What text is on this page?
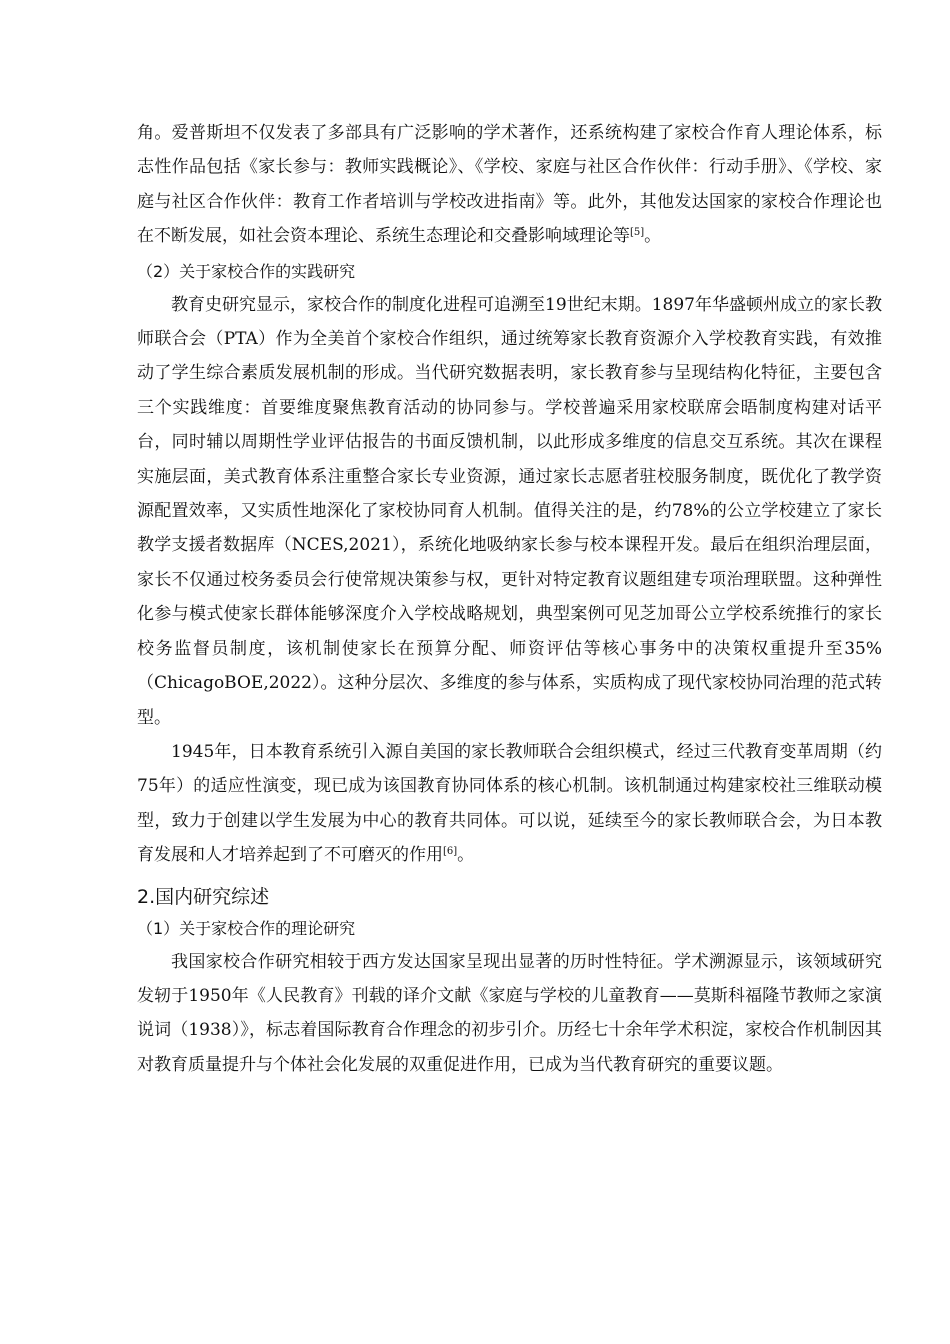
角。爱普斯坦不仅发表了多部具有广泛影响的学术著作，还系统构建了家校合作育人理论体系，标志性作品包括《家长参与：教师实践概论》、《学校、家庭与社区合作伙伴：行动手册》、《学校、家庭与社区合作伙伴：教育工作者培训与学校改进指南》等。此外，其他发达国家的家校合作理论也在不断发展，如社会资本理论、系统生态理论和交叠影响域理论等[5]。

（2）关于家校合作的实践研究

教育史研究显示，家校合作的制度化进程可追溯至19世纪末期。1897年华盛顿州成立的家长教师联合会（PTA）作为全美首个家校合作组织，通过统筹家长教育资源介入学校教育实践，有效推动了学生综合素质发展机制的形成。当代研究数据表明，家长教育参与呈现结构化特征，主要包含三个实践维度：首要维度聚焦教育活动的协同参与。学校普遍采用家校联席会晤制度构建对话平台，同时辅以周期性学业评估报告的书面反馈机制，以此形成多维度的信息交互系统。其次在课程实施层面，美式教育体系注重整合家长专业资源，通过家长志愿者驻校服务制度，既优化了教学资源配置效率，又实质性地深化了家校协同育人机制。值得关注的是，约78%的公立学校建立了家长教学支援者数据库（NCES,2021），系统化地吸纳家长参与校本课程开发。最后在组织治理层面，家长不仅通过校务委员会行使常规决策参与权，更针对特定教育议题组建专项治理联盟。这种弹性化参与模式使家长群体能够深度介入学校战略规划，典型案例可见芝加哥公立学校系统推行的家长校务监督员制度，该机制使家长在预算分配、师资评估等核心事务中的决策权重提升至35%（ChicagoBOE,2022）。这种分层次、多维度的参与体系，实质构成了现代家校协同治理的范式转型。

1945年，日本教育系统引入源自美国的家长教师联合会组织模式，经过三代教育变革周期（约75年）的适应性演变，现已成为该国教育协同体系的核心机制。该机制通过构建家校社三维联动模型，致力于创建以学生发展为中心的教育共同体。可以说，延续至今的家长教师联合会，为日本教育发展和人才培养起到了不可磨灭的作用[6]。

2.国内研究综述
（1）关于家校合作的理论研究

我国家校合作研究相较于西方发达国家呈现出显著的历时性特征。学术溯源显示，该领域研究发轫于1950年《人民教育》刊载的译介文献《家庭与学校的儿童教育——莫斯科福隆节教师之家演说词（1938）》，标志着国际教育合作理念的初步引介。历经七十余年学术积淀，家校合作机制因其对教育质量提升与个体社会化发展的双重促进作用，已成为当代教育研究的重要议题。
